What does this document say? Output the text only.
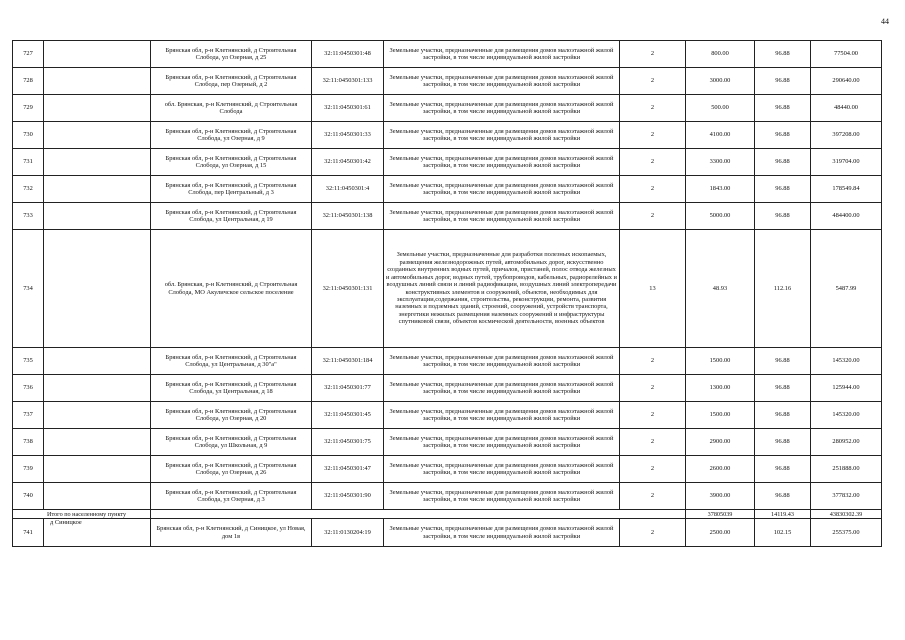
44
727		Брянская обл, р-н Клетнянский, д Строительная Слобода, ул Озерная, д 25	32:11:0450301:48	Земельные участки, предназначенные для размещения домов малоэтажной жилой застройки, в том числе индивидуальной жилой застройки	2	800.00	96.88	77504.00
728		Брянская обл, р-н Клетнянский, д Строительная Слобода, пер Озерный, д 2	32:11:0450301:133	Земельные участки, предназначенные для размещения домов малоэтажной жилой застройки, в том числе индивидуальной жилой застройки	2	3000.00	96.88	290640.00
729		обл. Брянская, р-н Клетнянский, д Строительная Слобода	32:11:0450301:61	Земельные участки, предназначенные для размещения домов малоэтажной жилой застройки, в том числе индивидуальной жилой застройки	2	500.00	96.88	48440.00
730		Брянская обл, р-н Клетнянский, д Строительная Слобода, ул Озерная, д 9	32:11:0450301:33	Земельные участки, предназначенные для размещения домов малоэтажной жилой застройки, в том числе индивидуальной жилой застройки	2	4100.00	96.88	397208.00
731		Брянская обл, р-н Клетнянский, д Строительная Слобода, ул Озерная, д 15	32:11:0450301:42	Земельные участки, предназначенные для размещения домов малоэтажной жилой застройки, в том числе индивидуальной жилой застройки	2	3300.00	96.88	319704.00
732		Брянская обл, р-н Клетнянский, д Строительная Слобода, пер Центральный, д 3	32:11:0450301:4	Земельные участки, предназначенные для размещения домов малоэтажной жилой застройки, в том числе индивидуальной жилой застройки	2	1843.00	96.88	178549.84
733		Брянская обл, р-н Клетнянский, д Строительная Слобода, ул Центральная, д 19	32:11:0450301:138	Земельные участки, предназначенные для размещения домов малоэтажной жилой застройки, в том числе индивидуальной жилой застройки	2	5000.00	96.88	484400.00
734		обл. Брянская, р-н Клетнянский, д Строительная Слобода, МО Акуличское сельское поселение	32:11:0450301:131	Земельные участки, предназначенные для разработки полезных ископаемых, размещения железнодорожных путей, автомобильных дорог, искусственно созданных внутренних водных путей, причалов, пристаней, полос отвода железных и автомобильных дорог, водных путей, трубопроводов, кабельных, радиорелейных и воздушных линий связи и линий радиофикации, воздушных линий электропередачи конструктивных элементов и сооружений, объектов, необходимых для эксплуатации,содержания, строительства, реконструкции, ремонта, развития наземных и подземных зданий, строений, сооружений, устройств транспорта, энергетики нежилых размещения наземных сооружений и инфраструктуры спутниковой связи, объектов космической деятельности, военных объектов	13	48.93	112.16	5487.99
735		Брянская обл, р-н Клетнянский, д Строительная Слобода, ул Центральная, д 30"а"	32:11:0450301:184	Земельные участки, предназначенные для размещения домов малоэтажной жилой застройки, в том числе индивидуальной жилой застройки	2	1500.00	96.88	145320.00
736		Брянская обл, р-н Клетнянский, д Строительная Слобода, ул Центральная, д 18	32:11:0450301:77	Земельные участки, предназначенные для размещения домов малоэтажной жилой застройки, в том числе индивидуальной жилой застройки	2	1300.00	96.88	125944.00
737		Брянская обл, р-н Клетнянский, д Строительная Слобода, ул Озерная, д 20	32:11:0450301:45	Земельные участки, предназначенные для размещения домов малоэтажной жилой застройки, в том числе индивидуальной жилой застройки	2	1500.00	96.88	145320.00
738		Брянская обл, р-н Клетнянский, д Строительная Слобода, ул Школьная, д 9	32:11:0450301:75	Земельные участки, предназначенные для размещения домов малоэтажной жилой застройки, в том числе индивидуальной жилой застройки	2	2900.00	96.88	280952.00
739		Брянская обл, р-н Клетнянский, д Строительная Слобода, ул Озерная, д 26	32:11:0450301:47	Земельные участки, предназначенные для размещения домов малоэтажной жилой застройки, в том числе индивидуальной жилой застройки	2	2600.00	96.88	251888.00
740		Брянская обл, р-н Клетнянский, д Строительная Слобода, ул Озерная, д 3	32:11:0450301:90	Земельные участки, предназначенные для размещения домов малоэтажной жилой застройки, в том числе индивидуальной жилой застройки	2	3900.00	96.88	377832.00
Итого по населенному пункту						37805039	14119.43	43830302.39
741	д Синицкое	Брянская обл, р-н Клетнянский, д Синицкое, ул Новая, дом 1в	32:11:0130204:19	Земельные участки, предназначенные для размещения домов малоэтажной жилой застройки, в том числе индивидуальной жилой застройки	2	2500.00	102.15	255375.00
